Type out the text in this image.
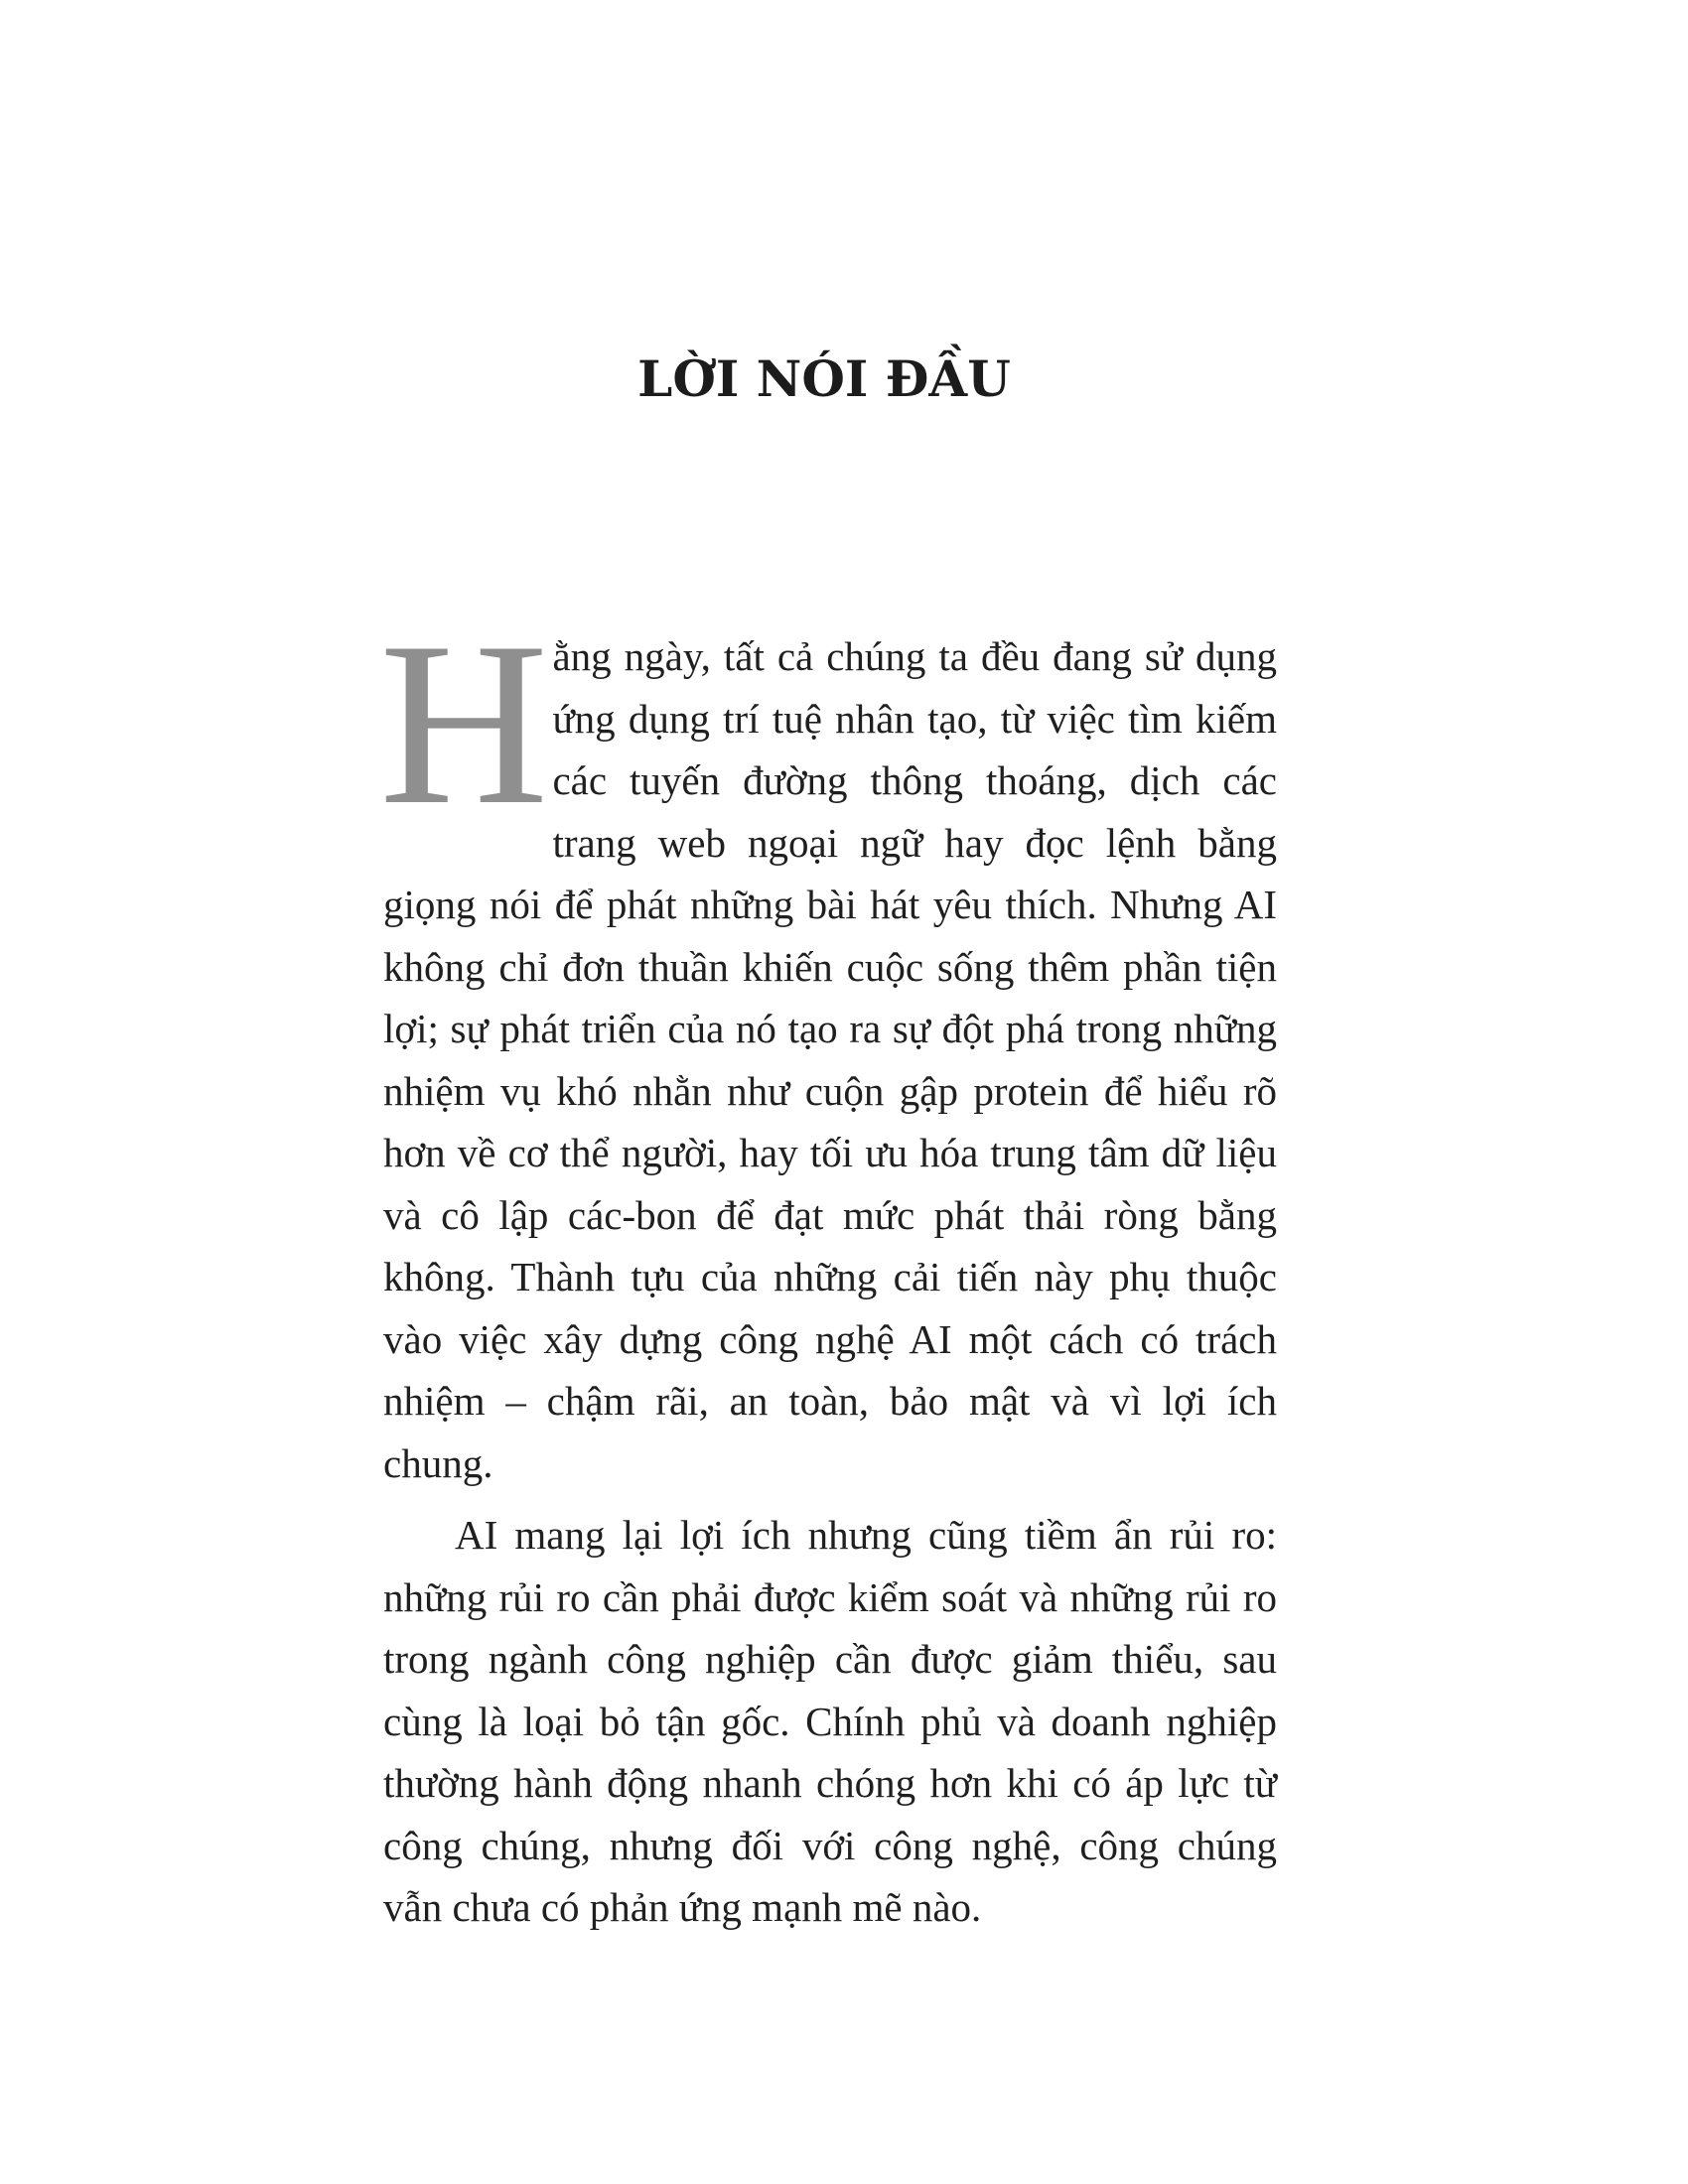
LỜI NÓI ĐẦU

Hằng ngày, tất cả chúng ta đều đang sử dụng ứng dụng trí tuệ nhân tạo, từ việc tìm kiếm các tuyến đường thông thoáng, dịch các trang web ngoại ngữ hay đọc lệnh bằng giọng nói để phát những bài hát yêu thích. Nhưng AI không chỉ đơn thuần khiến cuộc sống thêm phần tiện lợi; sự phát triển của nó tạo ra sự đột phá trong những nhiệm vụ khó nhằn như cuộn gập protein để hiểu rõ hơn về cơ thể người, hay tối ưu hóa trung tâm dữ liệu và cô lập các-bon để đạt mức phát thải ròng bằng không. Thành tựu của những cải tiến này phụ thuộc vào việc xây dựng công nghệ AI một cách có trách nhiệm – chậm rãi, an toàn, bảo mật và vì lợi ích chung.

AI mang lại lợi ích nhưng cũng tiềm ẩn rủi ro: những rủi ro cần phải được kiểm soát và những rủi ro trong ngành công nghiệp cần được giảm thiểu, sau cùng là loại bỏ tận gốc. Chính phủ và doanh nghiệp thường hành động nhanh chóng hơn khi có áp lực từ công chúng, nhưng đối với công nghệ, công chúng vẫn chưa có phản ứng mạnh mẽ nào.
